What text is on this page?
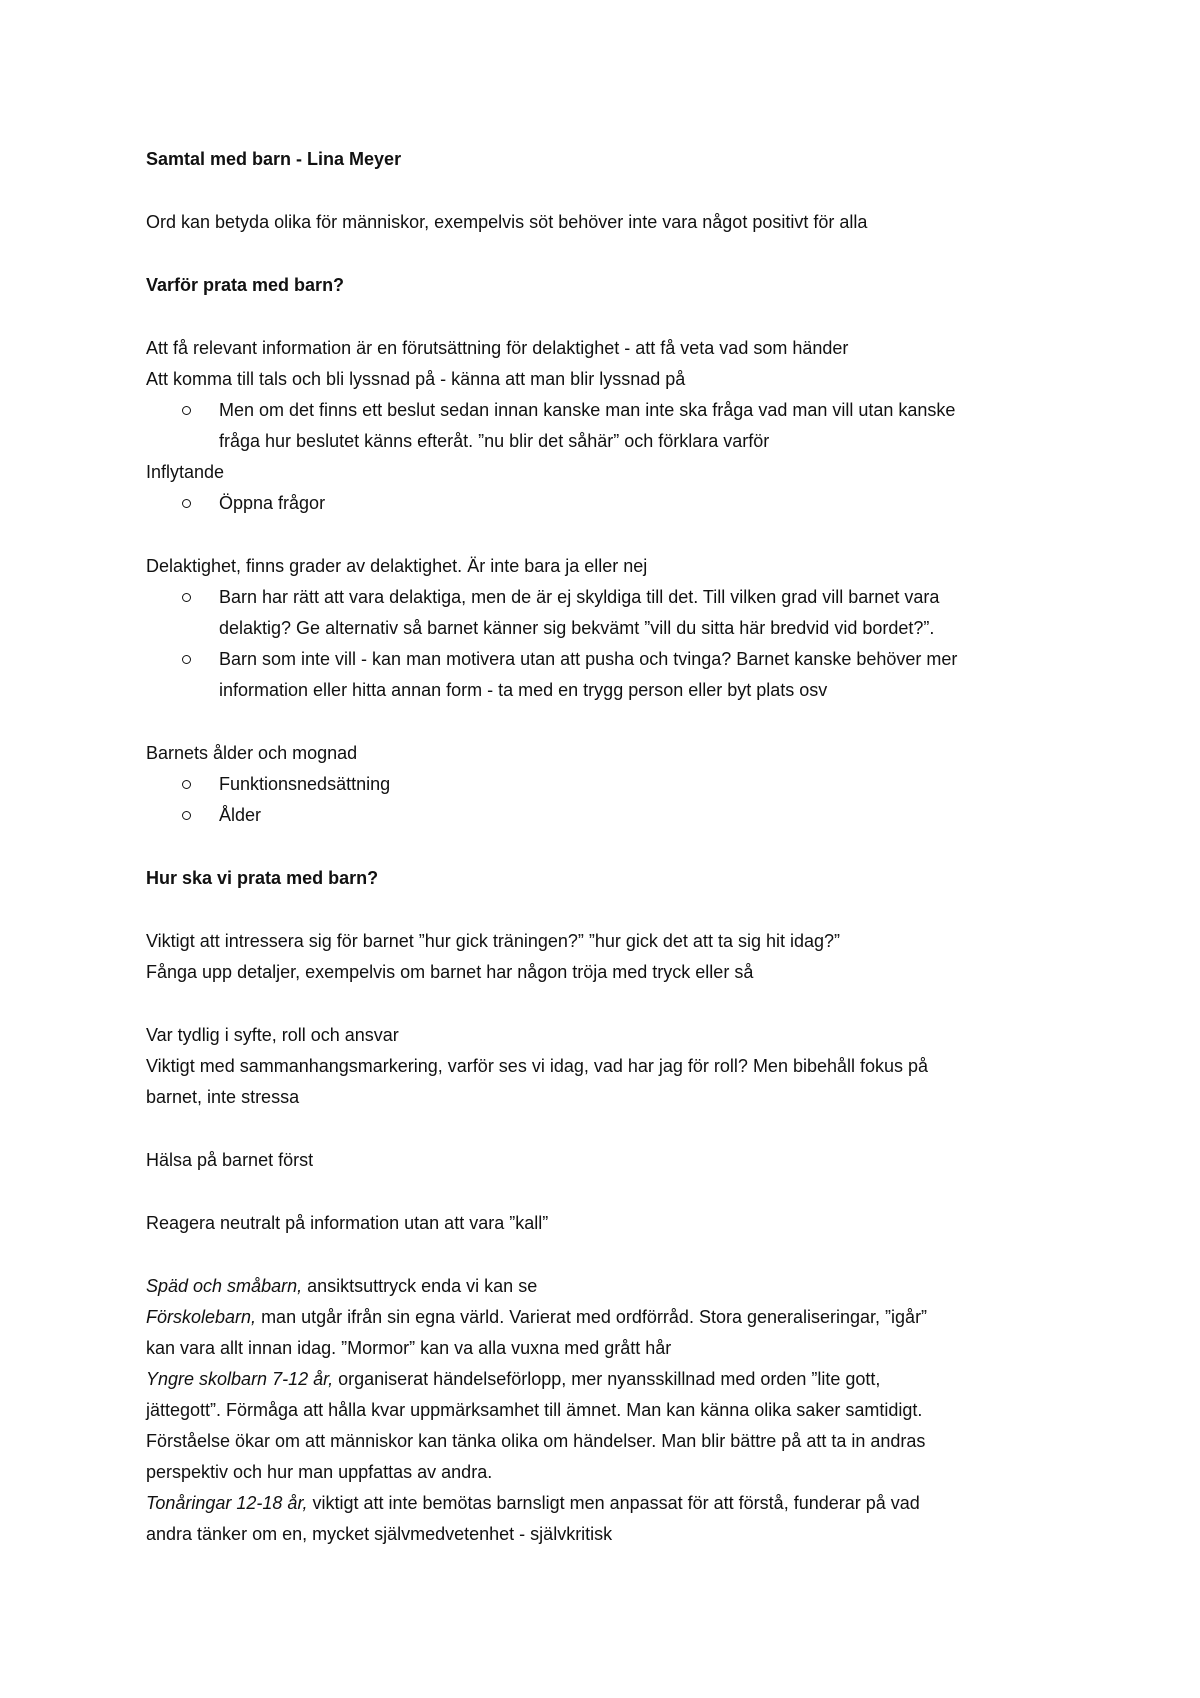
Samtal med barn - Lina Meyer
Ord kan betyda olika för människor, exempelvis söt behöver inte vara något positivt för alla
Varför prata med barn?
Att få relevant information är en förutsättning för delaktighet - att få veta vad som händer
Att komma till tals och bli lyssnad på - känna att man blir lyssnad på
Men om det finns ett beslut sedan innan kanske man inte ska fråga vad man vill utan kanske
fråga hur beslutet känns efteråt. ”nu blir det såhär” och förklara varför
Inflytande
Öppna frågor
Delaktighet, finns grader av delaktighet. Är inte bara ja eller nej
Barn har rätt att vara delaktiga, men de är ej skyldiga till det. Till vilken grad vill barnet vara
delaktig? Ge alternativ så barnet känner sig bekvämt ”vill du sitta här bredvid vid bordet?”.
Barn som inte vill - kan man motivera utan att pusha och tvinga? Barnet kanske behöver mer
information eller hitta annan form - ta med en trygg person eller byt plats osv
Barnets ålder och mognad
Funktionsnedsättning
Ålder
Hur ska vi prata med barn?
Viktigt att intressera sig för barnet ”hur gick träningen?” ”hur gick det att ta sig hit idag?”
Fånga upp detaljer, exempelvis om barnet har någon tröja med tryck eller så
Var tydlig i syfte, roll och ansvar
Viktigt med sammanhangsmarkering, varför ses vi idag, vad har jag för roll? Men bibehåll fokus på
barnet, inte stressa
Hälsa på barnet först
Reagera neutralt på information utan att vara ”kall”
Späd och småbarn, ansiktsuttryck enda vi kan se
Förskolebarn, man utgår ifrån sin egna värld. Varierat med ordförråd. Stora generaliseringar, ”igår”
kan vara allt innan idag. ”Mormor” kan va alla vuxna med grått hår
Yngre skolbarn 7-12 år, organiserat händelseförlopp, mer nyansskillnad med orden ”lite gott,
jättegott”. Förmåga att hålla kvar uppmärksamhet till ämnet. Man kan känna olika saker samtidigt.
Förståelse ökar om att människor kan tänka olika om händelser. Man blir bättre på att ta in andras
perspektiv och hur man uppfattas av andra.
Tonåringar 12-18 år, viktigt att inte bemötas barnsligt men anpassat för att förstå, funderar på vad
andra tänker om en, mycket självmedvetenhet - självkritisk
